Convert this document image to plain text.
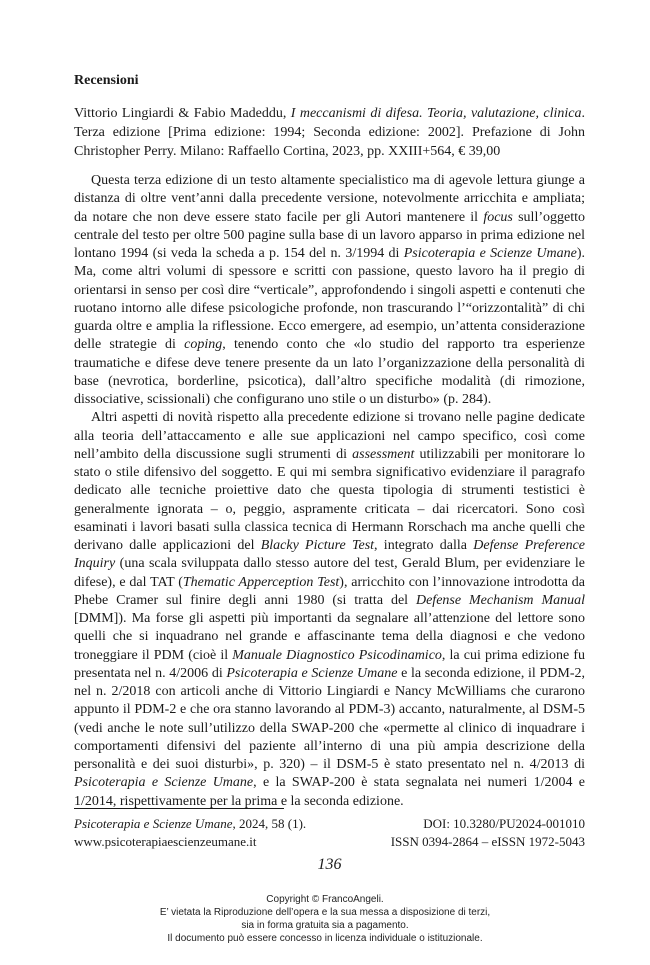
Recensioni
Vittorio Lingiardi & Fabio Madeddu, I meccanismi di difesa. Teoria, valutazione, clinica. Terza edizione [Prima edizione: 1994; Seconda edizione: 2002]. Prefazione di John Christopher Perry. Milano: Raffaello Cortina, 2023, pp. XXIII+564, € 39,00

Questa terza edizione di un testo altamente specialistico ma di agevole lettura giunge a distanza di oltre vent’anni dalla precedente versione, notevolmente arricchita e ampliata; da notare che non deve essere stato facile per gli Autori mantenere il focus sull’oggetto centrale del testo per oltre 500 pagine sulla base di un lavoro apparso in prima edizione nel lontano 1994 (si veda la scheda a p. 154 del n. 3/1994 di Psicoterapia e Scienze Umane). Ma, come altri volumi di spessore e scritti con passione, questo lavoro ha il pregio di orientarsi in senso per così dire “verticale”, approfondendo i singoli aspetti e contenuti che ruotano intorno alle difese psicologiche profonde, non trascurando l’“orizzontalità” di chi guarda oltre e amplia la riflessione. Ecco emergere, ad esempio, un’attenta considerazione delle strategie di coping, tenendo conto che «lo studio del rapporto tra esperienze traumatiche e difese deve tenere presente da un lato l’organizzazione della personalità di base (nevrotica, borderline, psicotica), dall’altro specifiche modalità (di rimozione, dissociative, scissionali) che configurano uno stile o un disturbo» (p. 284).

Altri aspetti di novità rispetto alla precedente edizione si trovano nelle pagine dedicate alla teoria dell’attaccamento e alle sue applicazioni nel campo specifico, così come nell’ambito della discussione sugli strumenti di assessment utilizzabili per monitorare lo stato o stile difensivo del soggetto. E qui mi sembra significativo evidenziare il paragrafo dedicato alle tecniche proiettive dato che questa tipologia di strumenti testistici è generalmente ignorata – o, peggio, aspramente criticata – dai ricercatori. Sono così esaminati i lavori basati sulla classica tecnica di Hermann Rorschach ma anche quelli che derivano dalle applicazioni del Blacky Picture Test, integrato dalla Defense Preference Inquiry (una scala sviluppata dallo stesso autore del test, Gerald Blum, per evidenziare le difese), e dal TAT (Thematic Apperception Test), arricchito con l’innovazione introdotta da Phebe Cramer sul finire degli anni 1980 (si tratta del Defense Mechanism Manual [DMM]). Ma forse gli aspetti più importanti da segnalare all’attenzione del lettore sono quelli che si inquadrano nel grande e affascinante tema della diagnosi e che vedono troneggiare il PDM (cioè il Manuale Diagnostico Psicodinamico, la cui prima edizione fu presentata nel n. 4/2006 di Psicoterapia e Scienze Umane e la seconda edizione, il PDM-2, nel n. 2/2018 con articoli anche di Vittorio Lingiardi e Nancy McWilliams che curarono appunto il PDM-2 e che ora stanno lavorando al PDM-3) accanto, naturalmente, al DSM-5 (vedi anche le note sull’utilizzo della SWAP-200 che «permette al clinico di inquadrare i comportamenti difensivi del paziente all’interno di una più ampia descrizione della personalità e dei suoi disturbi», p. 320) – il DSM-5 è stato presentato nel n. 4/2013 di Psicoterapia e Scienze Umane, e la SWAP-200 è stata segnalata nei numeri 1/2004 e 1/2014, rispettivamente per la prima e la seconda edizione.

Psicoterapia e Scienze Umane, 2024, 58 (1).	DOI: 10.3280/PU2024-001010
www.psicoterapiaescienzeumane.it	ISSN 0394-2864 – eISSN 1972-5043
136
Copyright © FrancoAngeli.
E’ vietata la Riproduzione dell’opera e la sua messa a disposizione di terzi,
sia in forma gratuita sia a pagamento.
Il documento può essere concesso in licenza individuale o istituzionale.
